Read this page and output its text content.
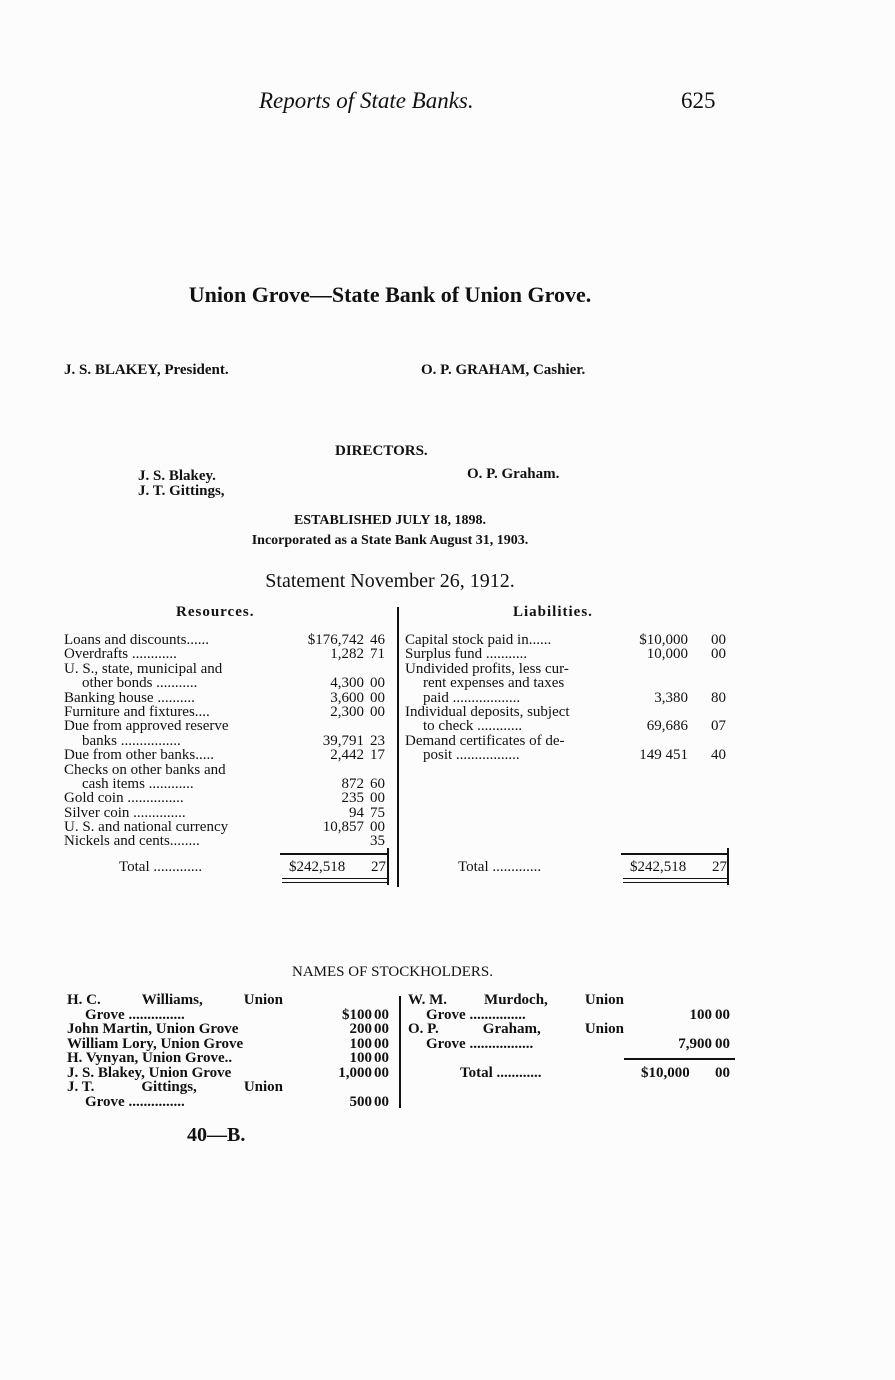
Reports of State Banks.	625
Union Grove—State Bank of Union Grove.
J. S. BLAKEY, President.	O. P. GRAHAM, Cashier.
DIRECTORS.
J. S. Blakey.
J. T. Gittings,
O. P. Graham.
ESTABLISHED JULY 18, 1898.
Incorporated as a State Bank August 31, 1903.
Statement November 26, 1912.
Resources.	Liabilities.
Loans and discounts......	$176,742 46
Overdrafts ............	1,282 71
U. S., state, municipal and
other bonds ...........	4,300 00
Banking house ..........	3,600 00
Furniture and fixtures....	2,300 00
Due from approved reserve
banks ................	39,791 23
Due from other banks.....	2,442 17
Checks on other banks and
cash items ............	872 60
Gold coin ...............	235 00
Silver coin ..............	94 75
U. S. and national currency	10,857 00
Nickels and cents........	35
Capital stock paid in......	$10,000 00
Surplus fund ...........	10,000 00
Undivided profits, less cur-
rent expenses and taxes
paid ..................	3,380 80
Individual deposits, subject
to check ............	69,686 07
Demand certificates of de-
posit .................	149 451 40
Total .............	$242,518 27	Total .............	$242,518 27
NAMES OF STOCKHOLDERS.
H. C.	Williams,	Union
Grove ...............	$100 00
John Martin, Union Grove	200 00
William Lory, Union Grove	100 00
H. Vynyan, Union Grove..	100 00
J. S. Blakey, Union Grove	1,000 00
J. T.	Gittings,	Union
Grove ...............	500 00
W. M. Murdoch, Union
Grove ...............	100 00
O. P.	Graham,	Union
Grove .................	7,900 00
Total ............	$10,000 00
40—B.
